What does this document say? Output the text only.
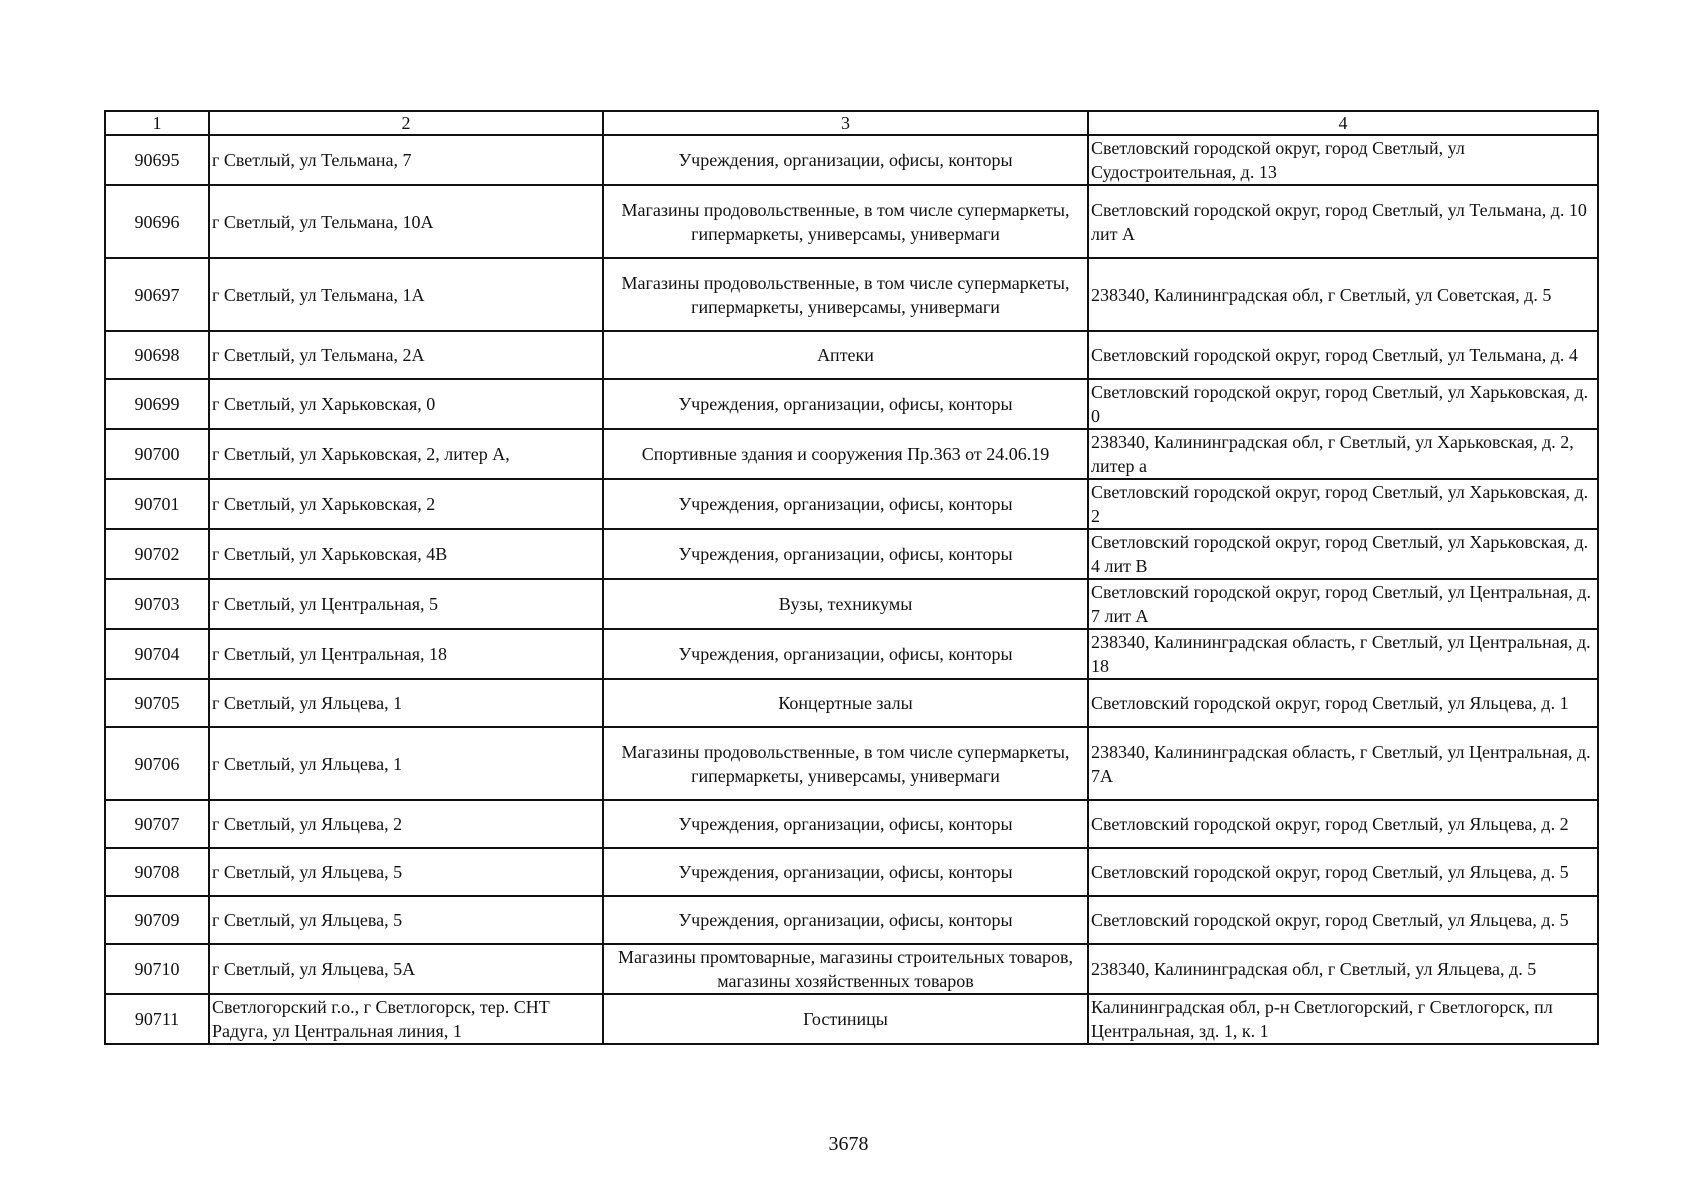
1	2	3	4
90695	г Светлый, ул Тельмана, 7	Учреждения, организации, офисы, конторы	Светловский городской округ, город Светлый, ул Судостроительная, д. 13
90696	г Светлый, ул Тельмана, 10А	Магазины продовольственные, в том числе супермаркеты, гипермаркеты, универсамы, универмаги	Светловский городской округ, город Светлый, ул Тельмана, д. 10 лит А
90697	г Светлый, ул Тельмана, 1А	Магазины продовольственные, в том числе супермаркеты, гипермаркеты, универсамы, универмаги	238340, Калининградская обл, г Светлый, ул Советская, д. 5
90698	г Светлый, ул Тельмана, 2А	Аптеки	Светловский городской округ, город Светлый, ул Тельмана, д. 4
90699	г Светлый, ул Харьковская, 0	Учреждения, организации, офисы, конторы	Светловский городской округ, город Светлый, ул Харьковская, д. 0
90700	г Светлый, ул Харьковская, 2, литер А,	Спортивные здания и сооружения Пр.363 от 24.06.19	238340, Калининградская обл, г Светлый, ул Харьковская, д. 2, литер а
90701	г Светлый, ул Харьковская, 2	Учреждения, организации, офисы, конторы	Светловский городской округ, город Светлый, ул Харьковская, д. 2
90702	г Светлый, ул Харьковская, 4В	Учреждения, организации, офисы, конторы	Светловский городской округ, город Светлый, ул Харьковская, д. 4 лит В
90703	г Светлый, ул Центральная, 5	Вузы, техникумы	Светловский городской округ, город Светлый, ул Центральная, д. 7 лит А
90704	г Светлый, ул Центральная, 18	Учреждения, организации, офисы, конторы	238340, Калининградская область, г Светлый, ул Центральная, д. 18
90705	г Светлый, ул Яльцева, 1	Концертные залы	Светловский городской округ, город Светлый, ул Яльцева, д. 1
90706	г Светлый, ул Яльцева, 1	Магазины продовольственные, в том числе супермаркеты, гипермаркеты, универсамы, универмаги	238340, Калининградская область, г Светлый, ул Центральная, д. 7А
90707	г Светлый, ул Яльцева, 2	Учреждения, организации, офисы, конторы	Светловский городской округ, город Светлый, ул Яльцева, д. 2
90708	г Светлый, ул Яльцева, 5	Учреждения, организации, офисы, конторы	Светловский городской округ, город Светлый, ул Яльцева, д. 5
90709	г Светлый, ул Яльцева, 5	Учреждения, организации, офисы, конторы	Светловский городской округ, город Светлый, ул Яльцева, д. 5
90710	г Светлый, ул Яльцева, 5А	Магазины промтоварные, магазины строительных товаров, магазины хозяйственных товаров	238340, Калининградская обл, г Светлый, ул Яльцева, д. 5
90711	Светлогорский г.о., г Светлогорск, тер. СНТ Радуга, ул Центральная линия, 1	Гостиницы	Калининградская обл, р-н Светлогорский, г Светлогорск, пл Центральная, зд. 1, к. 1
3678
